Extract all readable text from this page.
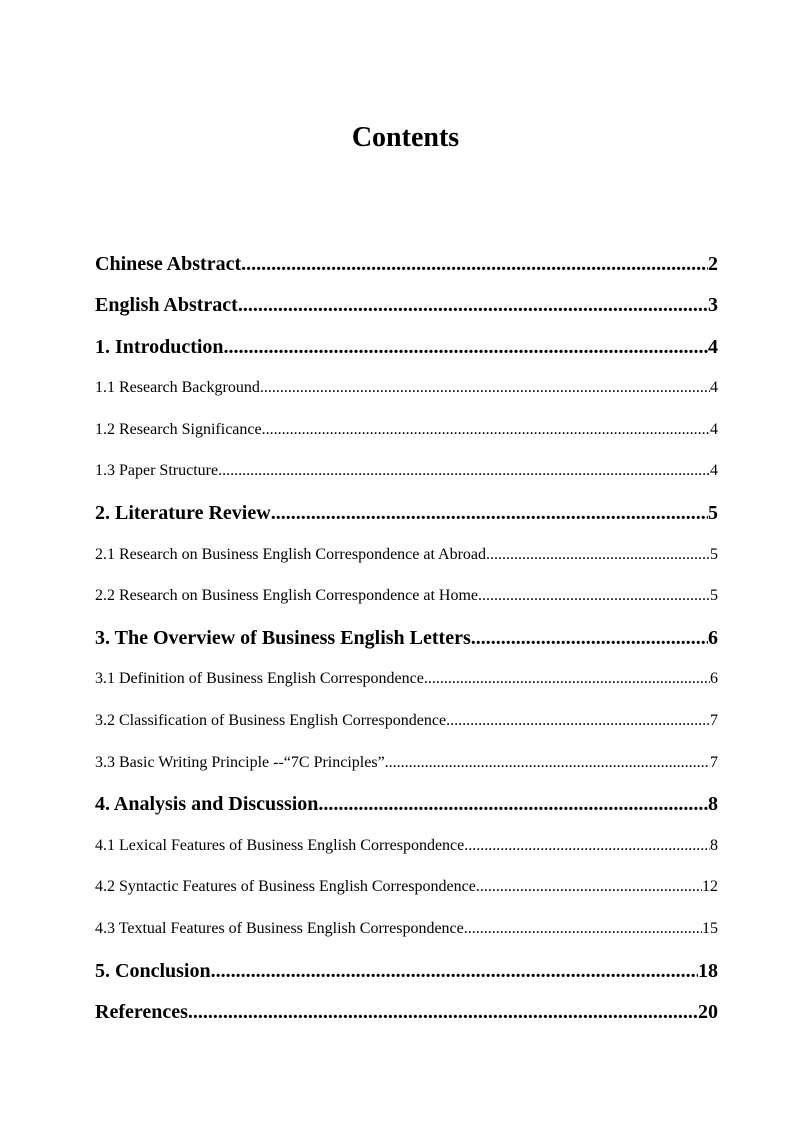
Contents
Chinese Abstract .....	2
English Abstract .....	3
1. Introduction .....	4
1.1 Research Background .....	4
1.2 Research Significance .....	4
1.3 Paper Structure .....	4
2. Literature Review .....	5
2.1 Research on Business English Correspondence at Abroad .....	5
2.2 Research on Business English Correspondence at Home .....	5
3. The Overview of Business English Letters .....	6
3.1 Definition of Business English Correspondence .....	6
3.2 Classification of Business English Correspondence .....	7
3.3 Basic Writing Principle --“7C Principles” .....	7
4. Analysis and Discussion .....	8
4.1 Lexical Features of Business English Correspondence .....	8
4.2 Syntactic Features of Business English Correspondence .....	12
4.3 Textual Features of Business English Correspondence .....	15
5. Conclusion .....	18
References .....	20
